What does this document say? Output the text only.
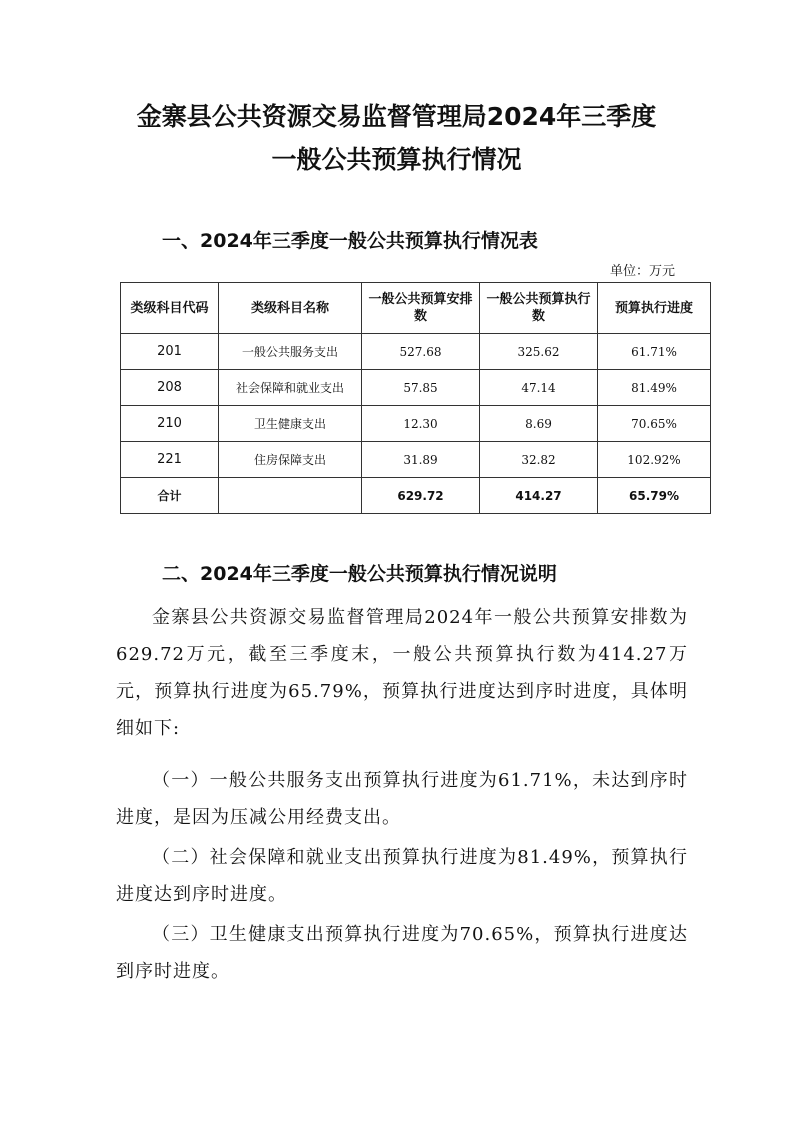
金寨县公共资源交易监督管理局2024年三季度
一般公共预算执行情况
一、2024年三季度一般公共预算执行情况表
单位：万元
类级科目代码	类级科目名称	一般公共预算安排数	一般公共预算执行数	预算执行进度
201	一般公共服务支出	527.68	325.62	61.71%
208	社会保障和就业支出	57.85	47.14	81.49%
210	卫生健康支出	12.30	8.69	70.65%
221	住房保障支出	31.89	32.82	102.92%
合计		629.72	414.27	65.79%
二、2024年三季度一般公共预算执行情况说明

金寨县公共资源交易监督管理局2024年一般公共预算安排数为629.72万元，截至三季度末，一般公共预算执行数为414.27万元，预算执行进度为65.79%，预算执行进度达到序时进度，具体明细如下:

（一）一般公共服务支出预算执行进度为61.71%，未达到序时进度，是因为压减公用经费支出。

（二）社会保障和就业支出预算执行进度为81.49%，预算执行进度达到序时进度。

（三）卫生健康支出预算执行进度为70.65%，预算执行进度达到序时进度。
